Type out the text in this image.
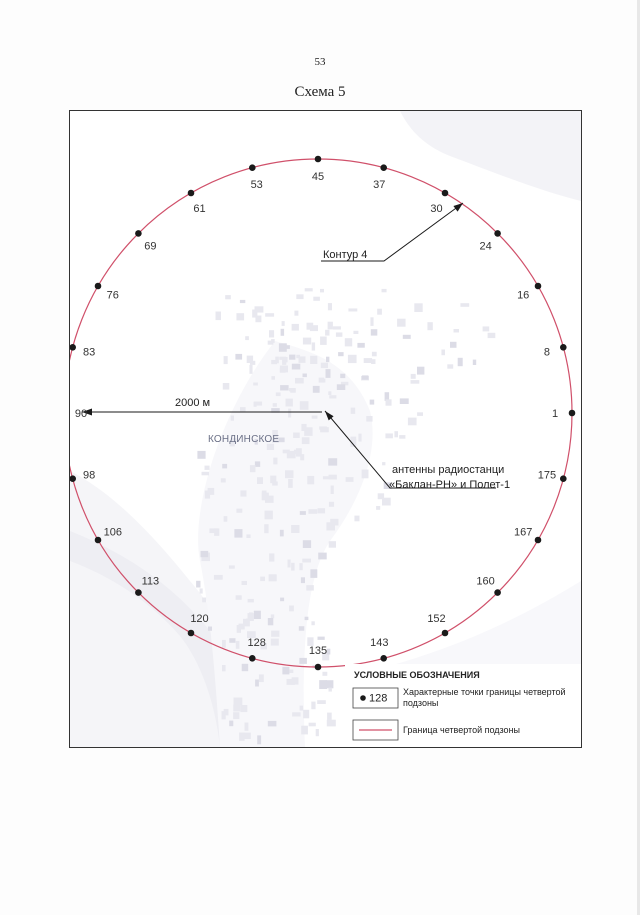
53
Схема 5
КОНДИНСКОЕ
2000 м
антенны радиостанци
«Баклан-РН» и Полет-1
Контур 4
1
8
16
24
30
37
45
53
61
69
76
83
90
98
106
113
120
128
135
143
152
160
167
175
УСЛОВНЫЕ ОБОЗНАЧЕНИЯ
128
Характерные точки границы четвертой
подзоны
Граница четвертой подзоны
